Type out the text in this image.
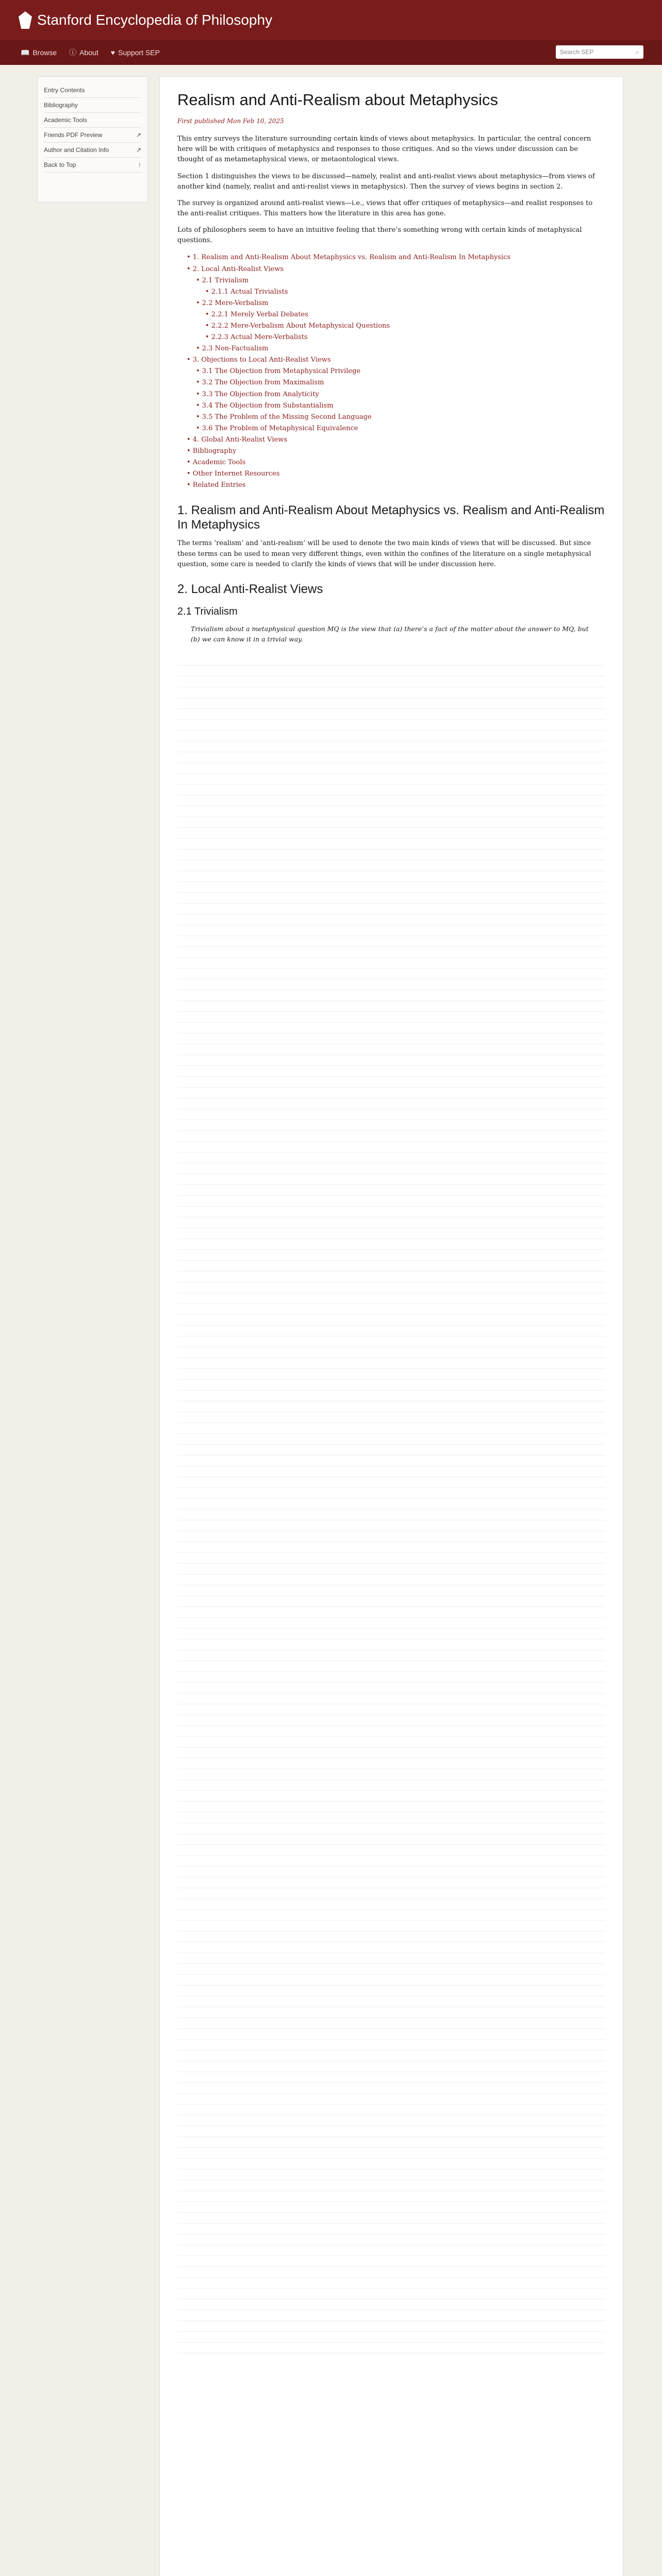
Stanford Encyclopedia of Philosophy
📖 Browse ⓘ About ♥ Support SEP	Search SEP	⌕
Entry Contents
Bibliography
Academic Tools
Friends PDF Preview	↗
Author and Citation Info	↗
Back to Top	↑
Realism and Anti-Realism about Metaphysics
First published Mon Feb 10, 2025

This entry surveys the literature surrounding certain kinds of views about metaphysics. In particular, the central concern here will be with critiques of metaphysics and responses to those critiques. And so the views under discussion can be thought of as metametaphysical views, or metaontological views.

Section 1 distinguishes the views to be discussed—namely, realist and anti-realist views about metaphysics—from views of another kind (namely, realist and anti-realist views in metaphysics). Then the survey of views begins in section 2.

The survey is organized around anti-realist views—i.e., views that offer critiques of metaphysics—and realist responses to the anti-realist critiques. This matters how the literature in this area has gone.

Lots of philosophers seem to have an intuitive feeling that there’s something wrong with certain kinds of metaphysical questions.

• 1. Realism and Anti-Realism About Metaphysics vs. Realism and Anti-Realism In Metaphysics
• 2. Local Anti-Realist Views
• 2.1 Trivialism
• 2.1.1 Actual Trivialists
• 2.2 Mere-Verbalism
• 2.2.1 Merely Verbal Debates
• 2.2.2 Mere-Verbalism About Metaphysical Questions
• 2.2.3 Actual Mere-Verbalists
• 2.3 Non-Factualism
• 3. Objections to Local Anti-Realist Views
• 3.1 The Objection from Metaphysical Privilege
• 3.2 The Objection from Maximalism
• 3.3 The Objection from Analyticity
• 3.4 The Objection from Substantialism
• 3.5 The Problem of the Missing Second Language
• 3.6 The Problem of Metaphysical Equivalence
• 4. Global Anti-Realist Views
• Bibliography
• Academic Tools
• Other Internet Resources
• Related Entries
1. Realism and Anti-Realism About Metaphysics vs. Realism and Anti-Realism In Metaphysics

The terms ‘realism’ and ‘anti-realism’ will be used to denote the two main kinds of views that will be discussed. But since these terms can be used to mean very different things, even within the confines of the literature on a single metaphysical question, some care is needed to clarify the kinds of views that will be under discussion here.

2. Local Anti-Realist Views
2.1 Trivialism
Trivialism about a metaphysical question MQ is the view that (a) there’s a fact of the matter about the answer to MQ, but (b) we can know it in a trivial way.
